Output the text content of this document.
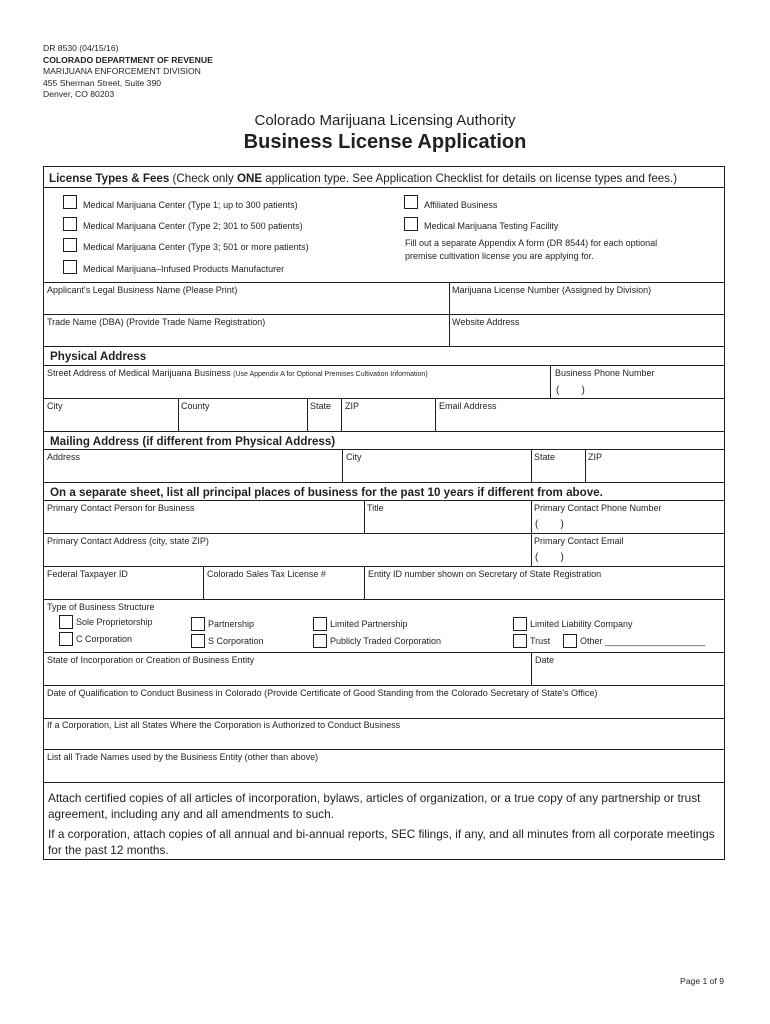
DR 8530 (04/15/16)
COLORADO DEPARTMENT OF REVENUE
MARIJUANA ENFORCEMENT DIVISION
455 Sherman Street, Suite 390
Denver, CO 80203
Colorado Marijuana Licensing Authority
Business License Application
License Types & Fees (Check only ONE application type. See Application Checklist for details on license types and fees.)
Medical Marijuana Center (Type 1; up to 300 patients)
Medical Marijuana Center (Type 2; 301 to 500 patients)
Medical Marijuana Center (Type 3; 501 or more patients)
Medical Marijuana–Infused Products Manufacturer
Affiliated Business
Medical Marijuana Testing Facility
Fill out a separate Appendix A form (DR 8544) for each optional
premise cultivation license you are applying for.
Applicant's Legal Business Name (Please Print)	Marijuana License Number (Assigned by Division)
Trade Name (DBA) (Provide Trade Name Registration)	Website Address
Physical Address
Street Address of Medical Marijuana Business (Use Appendix A for Optional Premises Cultivation Information)	Business Phone Number
(        )
City	County	State ZIP	Email Address
Mailing Address (if different from Physical Address)
Address	City	State	ZIP
On a separate sheet, list all principal places of business for the past 10 years if different from above.
Primary Contact Person for Business	Title	Primary Contact Phone Number
(        )
Primary Contact Address (city, state ZIP)	Primary Contact Email
(        )
Federal Taxpayer ID	Colorado Sales Tax License #	Entity ID number shown on Secretary of State Registration
Type of Business Structure
Sole Proprietorship
C Corporation
Partnership
S Corporation
Limited Partnership
Publicly Traded Corporation
Limited Liability Company
Trust	Other ____________________
State of Incorporation or Creation of Business Entity	Date
Date of Qualification to Conduct Business in Colorado (Provide Certificate of Good Standing from the Colorado Secretary of State's Office)
If a Corporation, List all States Where the Corporation is Authorized to Conduct Business
List all Trade Names used by the Business Entity (other than above)
Attach certified copies of all articles of incorporation, bylaws, articles of organization, or a true copy of any partnership or trust agreement, including any and all amendments to such.
If a corporation, attach copies of all annual and bi-annual reports, SEC filings, if any, and all minutes from all corporate meetings for the past 12 months.
Page 1 of 9
